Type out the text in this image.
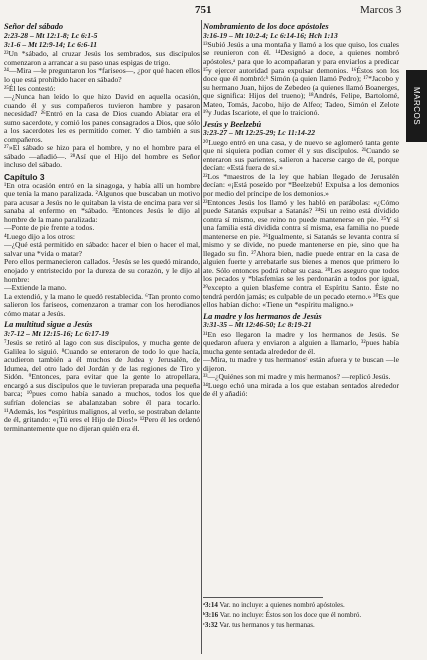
751	Marcos 3
MARCOS
Señor del sábado
2:23-28 – Mt 12:1-8; Lc 6:1-5
3:1-6 – Mt 12:9-14; Lc 6:6-11

²³Un *sábado, al cruzar Jesús los sembrados, sus discípulos comenzaron a arrancar a su paso unas espigas de trigo.

²⁴—Mira —le preguntaron los *fariseos—, ¿por qué hacen ellos lo que está prohibido hacer en sábado?

²⁵Él les contestó:

—¿Nunca han leído lo que hizo David en aquella ocasión, cuando él y sus compañeros tuvieron hambre y pasaron necesidad? ²⁶Entró en la casa de Dios cuando Abiatar era el sumo sacerdote, y comió los panes consagrados a Dios, que sólo a los sacerdotes les es permitido comer. Y dio también a sus compañeros.

²⁷»El sábado se hizo para el hombre, y no el hombre para el sábado —añadió—. ²⁸Así que el Hijo del hombre es Señor incluso del sábado.

Capítulo 3

¹En otra ocasión entró en la sinagoga, y había allí un hombre que tenía la mano paralizada. ²Algunos que buscaban un motivo para acusar a Jesús no le quitaban la vista de encima para ver si sanaba al enfermo en *sábado. ³Entonces Jesús le dijo al hombre de la mano paralizada:

—Ponte de pie frente a todos.

⁴Luego dijo a los otros:

—¿Qué está permitido en sábado: hacer el bien o hacer el mal, salvar una *vida o matar?

Pero ellos permanecieron callados. ⁵Jesús se les quedó mirando, enojado y entristecido por la dureza de su corazón, y le dijo al hombre:

—Extiende la mano.

La extendió, y la mano le quedó restablecida. ⁶Tan pronto como salieron los fariseos, comenzaron a tramar con los herodianos cómo matar a Jesús.

La multitud sigue a Jesús
3:7-12 – Mt 12:15-16; Lc 6:17-19

⁷Jesús se retiró al lago con sus discípulos, y mucha gente de Galilea lo siguió. ⁸Cuando se enteraron de todo lo que hacía, acudieron también a él muchos de Judea y Jerusalén, de Idumea, del otro lado del Jordán y de las regiones de Tiro y Sidón. ⁹Entonces, para evitar que la gente lo atropellara, encargó a sus discípulos que le tuvieran preparada una pequeña barca; ¹⁰pues como había sanado a muchos, todos los que sufrían dolencias se abalanzaban sobre él para tocarlo. ¹¹Además, los *espíritus malignos, al verlo, se postraban delante de él, gritando: «¡Tú eres el Hijo de Dios!» ¹²Pero él les ordenó terminantemente que no dijeran quién era él.

Nombramiento de los doce apóstoles
3:16-19 – Mt 10:2-4; Lc 6:14-16; Hch 1:13

¹³Subió Jesús a una montaña y llamó a los que quiso, los cuales se reunieron con él. ¹⁴Designó a doce, a quienes nombró apóstoles,ᵃ para que lo acompañaran y para enviarlos a predicar ¹⁵y ejercer autoridad para expulsar demonios. ¹⁶Éstos son los doce que él nombró:ᵇ Simón (a quien llamó Pedro); ¹⁷*Jacobo y su hermano Juan, hijos de Zebedeo (a quienes llamó Boanerges, que significa: Hijos del trueno); ¹⁸Andrés, Felipe, Bartolomé, Mateo, Tomás, Jacobo, hijo de Alfeo; Tadeo, Simón el Zelote ¹⁹y Judas Iscariote, el que lo traicionó.

Jesús y Beelzebú
3:23-27 – Mt 12:25-29; Lc 11:14-22

²⁰Luego entró en una casa, y de nuevo se aglomeró tanta gente que ni siquiera podían comer él y sus discípulos. ²¹Cuando se enteraron sus parientes, salieron a hacerse cargo de él, porque decían: «Está fuera de sí.»

²²Los *maestros de la ley que habían llegado de Jerusalén decían: «¡Está poseído por *Beelzebú! Expulsa a los demonios por medio del príncipe de los demonios.»

²³Entonces Jesús los llamó y les habló en parábolas: «¿Cómo puede Satanás expulsar a Satanás? ²⁴Si un reino está dividido contra sí mismo, ese reino no puede mantenerse en pie. ²⁵Y si una familia está dividida contra sí misma, esa familia no puede mantenerse en pie. ²⁶Igualmente, si Satanás se levanta contra sí mismo y se divide, no puede mantenerse en pie, sino que ha llegado su fin. ²⁷Ahora bien, nadie puede entrar en la casa de alguien fuerte y arrebatarle sus bienes a menos que primero lo ate. Sólo entonces podrá robar su casa. ²⁸Les aseguro que todos los pecados y *blasfemias se les perdonarán a todos por igual, ²⁹excepto a quien blasfeme contra el Espíritu Santo. Éste no tendrá perdón jamás; es culpable de un pecado eterno.» ³⁰Es que ellos habían dicho: «Tiene un *espíritu maligno.»

La madre y los hermanos de Jesús
3:31-35 – Mt 12:46-50; Lc 8:19-21

³¹En eso llegaron la madre y los hermanos de Jesús. Se quedaron afuera y enviaron a alguien a llamarlo, ³²pues había mucha gente sentada alrededor de él.

—Mira, tu madre y tus hermanosᶜ están afuera y te buscan —le dijeron.

³³—¿Quiénes son mi madre y mis hermanos? —replicó Jesús.

³⁴Luego echó una mirada a los que estaban sentados alrededor de él y añadió:

ᵃ3:14 Var. no incluye: a quienes nombró apóstoles.
ᵇ3:16 Var. no incluye: Éstos son los doce que él nombró.
ᶜ3:32 Var. tus hermanos y tus hermanas.
